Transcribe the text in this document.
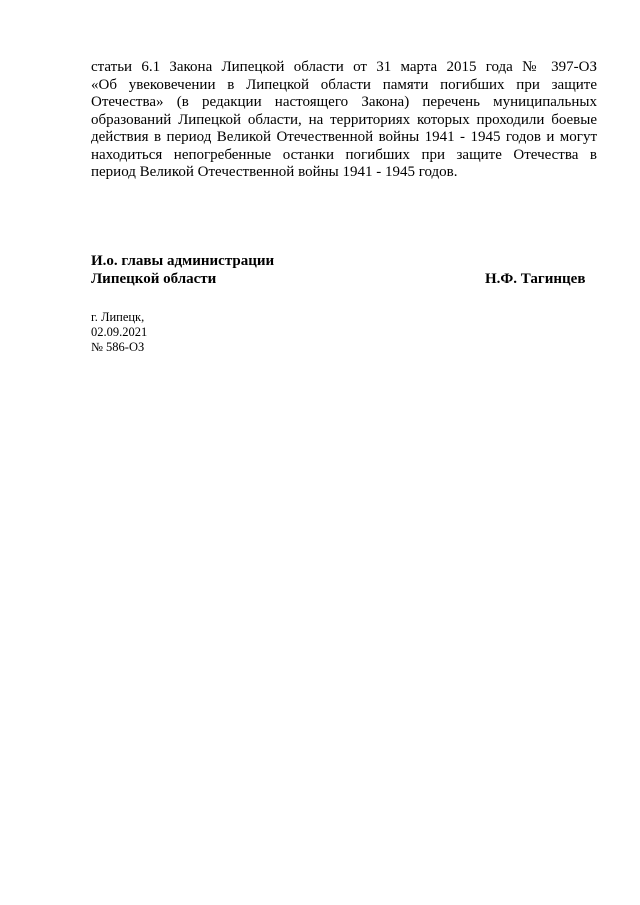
статьи 6.1 Закона Липецкой области от 31 марта 2015 года № 397-ОЗ
«Об увековечении в Липецкой области памяти погибших при защите
Отечества» (в редакции настоящего Закона) перечень муниципальных
образований Липецкой области, на территориях которых проходили боевые
действия в период Великой Отечественной войны 1941 - 1945 годов и могут
находиться непогребенные останки погибших при защите Отечества в
период Великой Отечественной войны 1941 - 1945 годов.
И.о. главы администрации
Липецкой области	Н.Ф. Тагинцев
г. Липецк,
02.09.2021
№ 586-ОЗ
